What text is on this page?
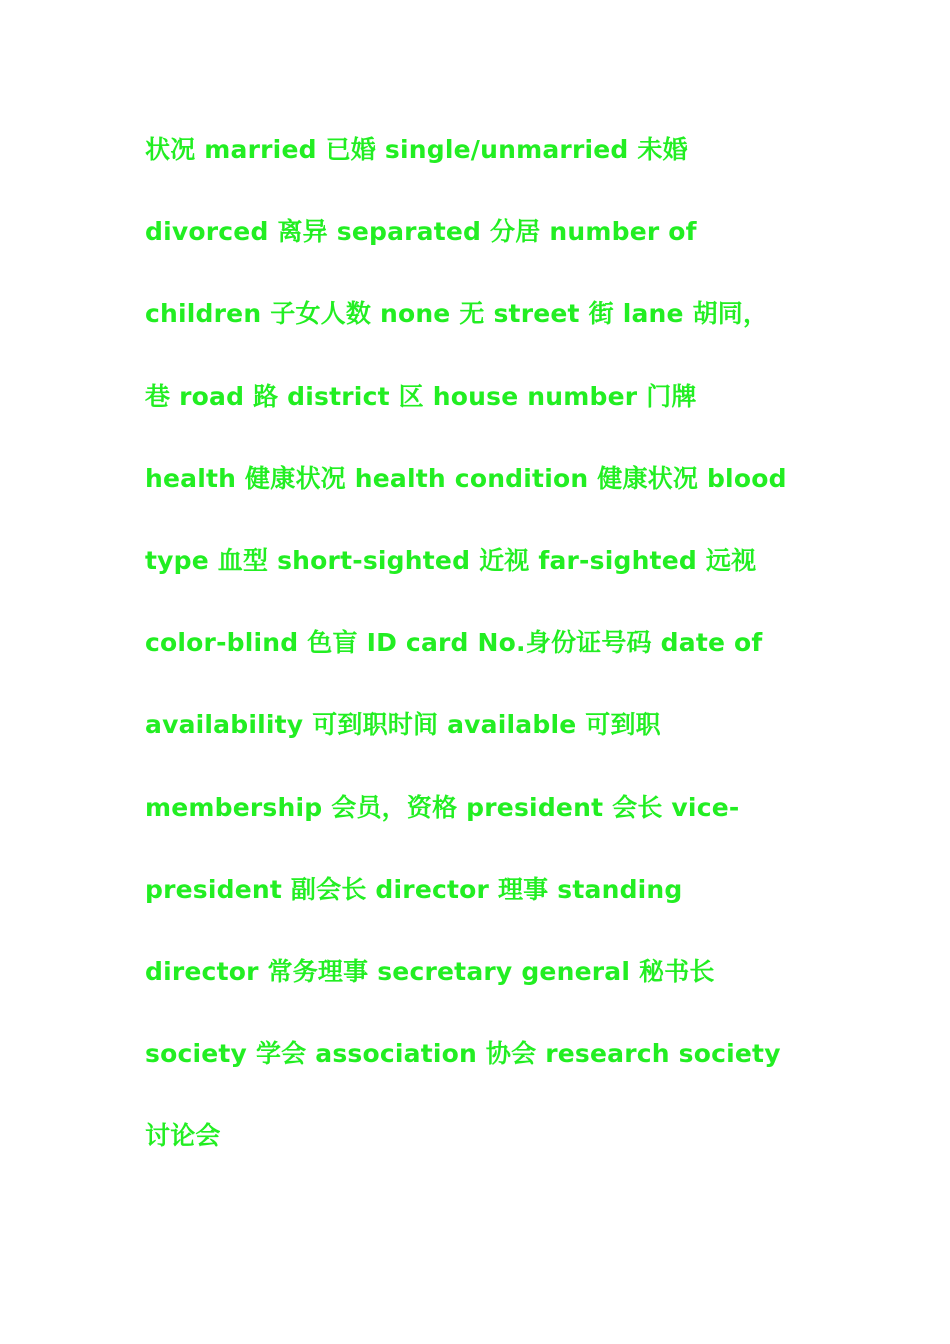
状况 married 已婚 single/unmarried 未婚
divorced 离异 separated 分居 number of
children 子女人数 none 无 street 街 lane 胡同，
巷 road 路 district 区 house number 门牌
health 健康状况 health condition 健康状况 blood
type 血型 short-sighted 近视 far-sighted 远视
color-blind 色盲 ID card No.身份证号码 date of
availability 可到职时间 available 可到职
membership 会员，资格 president 会长 vice-
president 副会长 director 理事 standing
director 常务理事 secretary general 秘书长
society 学会 association 协会 research society
讨论会
